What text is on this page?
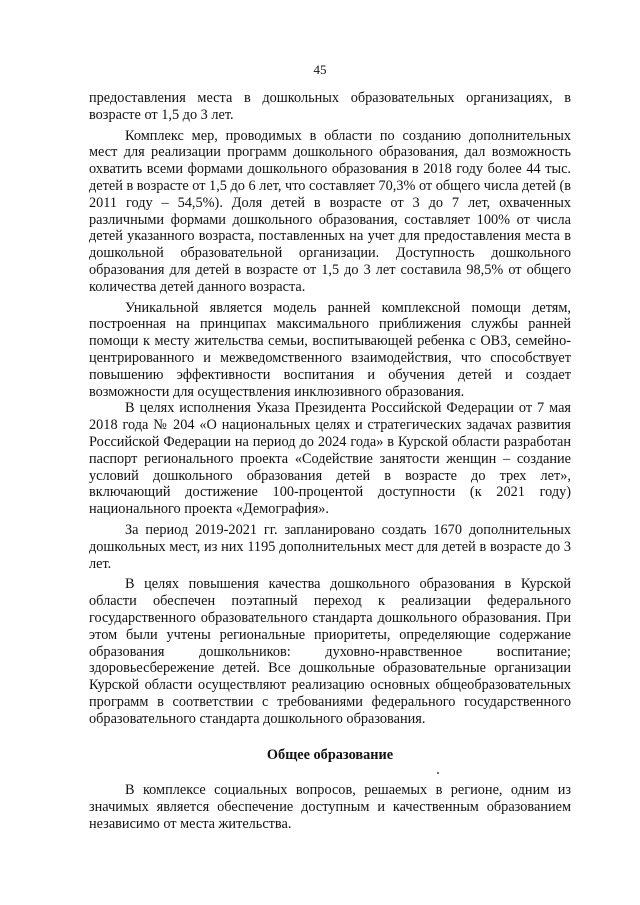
45

предоставления места в дошкольных образовательных организациях, в возрасте от 1,5 до 3 лет.

Комплекс мер, проводимых в области по созданию дополнительных мест для реализации программ дошкольного образования, дал возможность охватить всеми формами дошкольного образования в 2018 году более 44 тыс. детей в возрасте от 1,5 до 6 лет, что составляет 70,3% от общего числа детей (в 2011 году – 54,5%). Доля детей в возрасте от 3 до 7 лет, охваченных различными формами дошкольного образования, составляет 100% от числа детей указанного возраста, поставленных на учет для предоставления места в дошкольной образовательной организации. Доступность дошкольного образования для детей в возрасте от 1,5 до 3 лет составила 98,5% от общего количества детей данного возраста.

Уникальной является модель ранней комплексной помощи детям, построенная на принципах максимального приближения службы ранней помощи к месту жительства семьи, воспитывающей ребенка с ОВЗ, семейно- центрированного и межведомственного взаимодействия, что способствует повышению эффективности воспитания и обучения детей и создает возможности для осуществления инклюзивного образования.

В целях исполнения Указа Президента Российской Федерации от 7 мая 2018 года № 204 «О национальных целях и стратегических задачах развития Российской Федерации на период до 2024 года» в Курской области разработан паспорт регионального проекта «Содействие занятости женщин – создание условий дошкольного образования детей в возрасте до трех лет», включающий достижение 100-процентой доступности (к 2021 году) национального проекта «Демография».

За период 2019-2021 гг. запланировано создать 1670 дополнительных дошкольных мест, из них 1195 дополнительных мест для детей в возрасте до 3 лет.

В целях повышения качества дошкольного образования в Курской области обеспечен поэтапный переход к реализации федерального государственного образовательного стандарта дошкольного образования. При этом были учтены региональные приоритеты, определяющие содержание образования дошкольников: духовно-нравственное воспитание; здоровьесбережение детей. Все дошкольные образовательные организации Курской области осуществляют реализацию основных общеобразовательных программ в соответствии с требованиями федерального государственного образовательного стандарта дошкольного образования.

Общее образование

В комплексе социальных вопросов, решаемых в регионе, одним из значимых является обеспечение доступным и качественным образованием независимо от места жительства.
